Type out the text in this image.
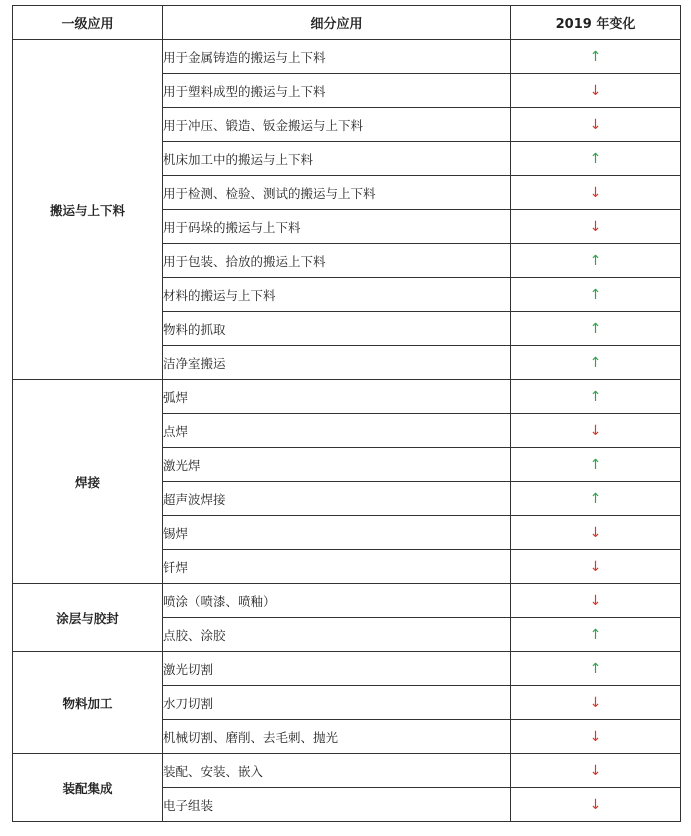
一级应用	细分应用	2019 年变化
搬运与上下料	用于金属铸造的搬运与上下料	↑
	用于塑料成型的搬运与上下料	↓
	用于冲压、锻造、钣金搬运与上下料	↓
	机床加工中的搬运与上下料	↑
	用于检测、检验、测试的搬运与上下料	↓
	用于码垛的搬运与上下料	↓
	用于包装、拾放的搬运上下料	↑
	材料的搬运与上下料	↑
	物料的抓取	↑
	洁净室搬运	↑
焊接	弧焊	↑
	点焊	↓
	激光焊	↑
	超声波焊接	↑
	锡焊	↓
	钎焊	↓
涂层与胶封	喷涂（喷漆、喷釉）	↓
	点胶、涂胶	↑
物料加工	激光切割	↑
	水刀切割	↓
	机械切割、磨削、去毛刺、抛光	↓
装配集成	装配、安装、嵌入	↓
	电子组装	↓
